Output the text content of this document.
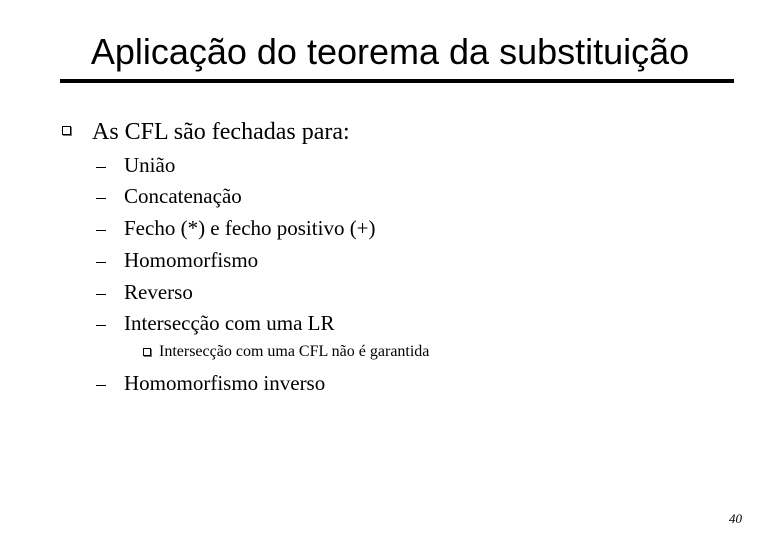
Aplicação do teorema da substituição
As CFL são fechadas para:
União
Concatenação
Fecho (*) e fecho positivo (+)
Homomorfismo
Reverso
Intersecção com uma LR
Intersecção com uma CFL não é garantida
Homomorfismo inverso
40
